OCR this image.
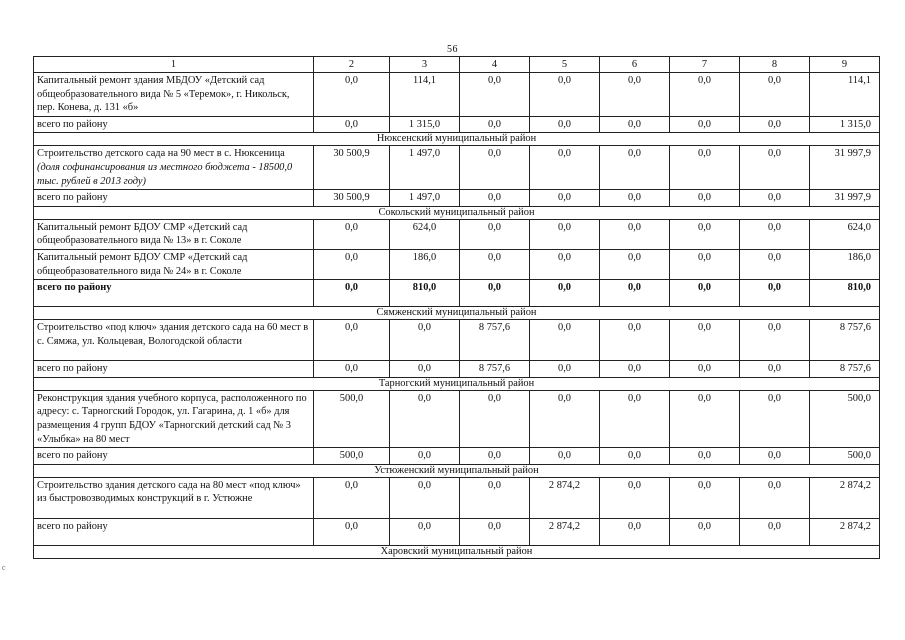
56
1	2	3	4	5	6	7	8	9
Капитальный ремонт здания МБДОУ «Детский сад общеобразовательного вида № 5 «Теремок», г. Никольск, пер. Конева, д. 131 «б»	0,0	114,1	0,0	0,0	0,0	0,0	0,0	114,1
всего по району	0,0	1 315,0	0,0	0,0	0,0	0,0	0,0	1 315,0
Нюксенский муниципальный район								
Строительство детского сада на 90 мест в с. Нюксеница (доля софинансирования из местного бюджета - 18500,0 тыс. рублей в 2013 году)	30 500,9	1 497,0	0,0	0,0	0,0	0,0	0,0	31 997,9
всего по району	30 500,9	1 497,0	0,0	0,0	0,0	0,0	0,0	31 997,9
Сокольский муниципальный район								
Капитальный ремонт БДОУ СМР «Детский сад общеобразовательного вида № 13» в г. Соколе	0,0	624,0	0,0	0,0	0,0	0,0	0,0	624,0
Капитальный ремонт БДОУ СМР «Детский сад общеобразовательного вида № 24» в г. Соколе	0,0	186,0	0,0	0,0	0,0	0,0	0,0	186,0
всего по району	0,0	810,0	0,0	0,0	0,0	0,0	0,0	810,0
Сямженский муниципальный район								
Строительство «под ключ» здания детского сада на 60 мест в с. Сямжа, ул. Кольцевая, Вологодской области	0,0	0,0	8 757,6	0,0	0,0	0,0	0,0	8 757,6
всего по району	0,0	0,0	8 757,6	0,0	0,0	0,0	0,0	8 757,6
Тарногский муниципальный район								
Реконструкция здания учебного корпуса, расположенного по адресу: с. Тарногский Городок, ул. Гагарина, д. 1 «б» для размещения 4 групп БДОУ «Тарногский детский сад № 3 «Улыбка» на 80 мест	500,0	0,0	0,0	0,0	0,0	0,0	0,0	500,0
всего по району	500,0	0,0	0,0	0,0	0,0	0,0	0,0	500,0
Устюженский муниципальный район								
Строительство здания детского сада на 80 мест «под ключ» из быстровозводимых конструкций в г. Устюжне	0,0	0,0	0,0	2 874,2	0,0	0,0	0,0	2 874,2
всего по району	0,0	0,0	0,0	2 874,2	0,0	0,0	0,0	2 874,2
Харовский муниципальный район								
c
